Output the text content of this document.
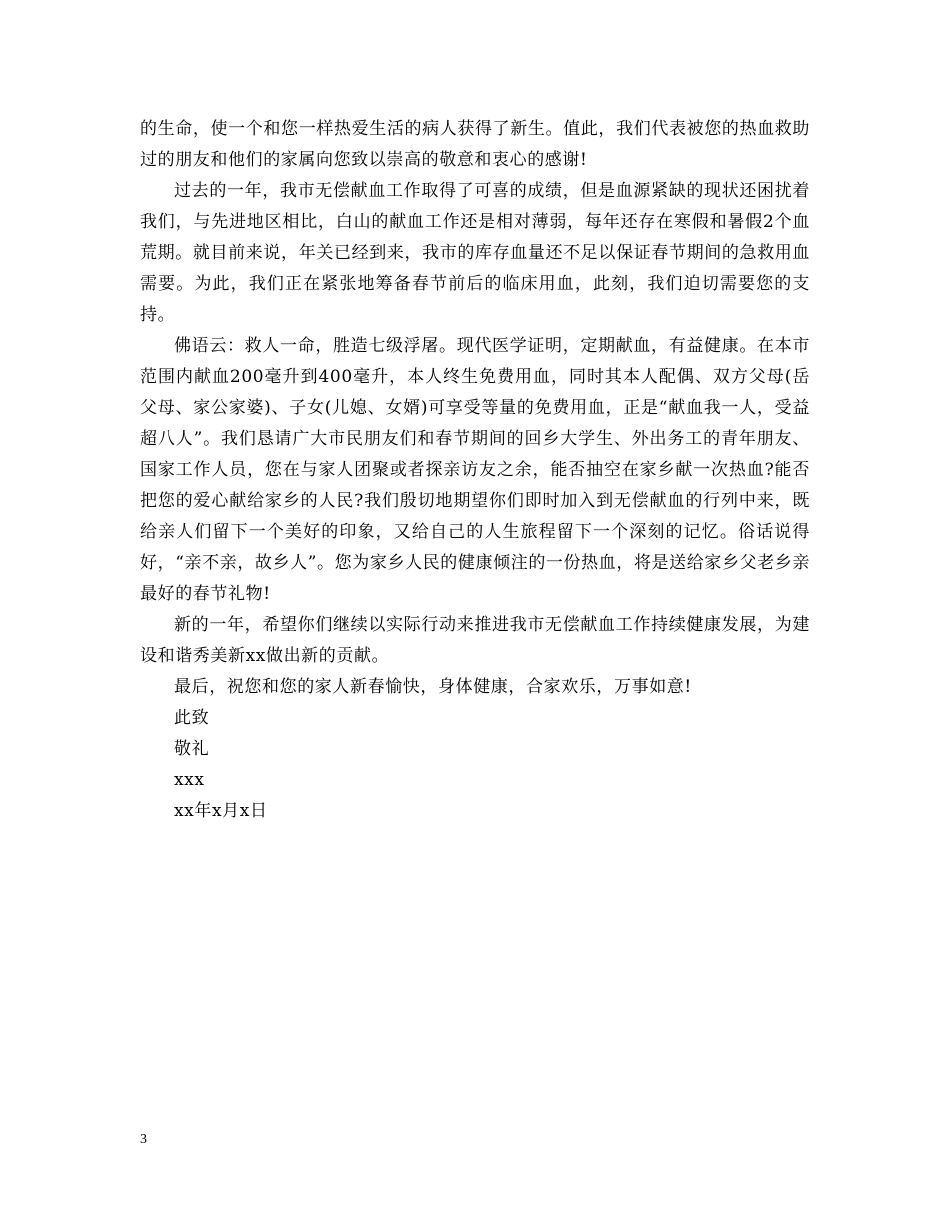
的生命，使一个和您一样热爱生活的病人获得了新生。值此，我们代表被您的热血救助过的朋友和他们的家属向您致以崇高的敬意和衷心的感谢!

过去的一年，我市无偿献血工作取得了可喜的成绩，但是血源紧缺的现状还困扰着我们，与先进地区相比，白山的献血工作还是相对薄弱，每年还存在寒假和暑假2个血荒期。就目前来说，年关已经到来，我市的库存血量还不足以保证春节期间的急救用血需要。为此，我们正在紧张地筹备春节前后的临床用血，此刻，我们迫切需要您的支持。

佛语云：救人一命，胜造七级浮屠。现代医学证明，定期献血，有益健康。在本市范围内献血200毫升到400毫升，本人终生免费用血，同时其本人配偶、双方父母(岳父母、家公家婆)、子女(儿媳、女婿)可享受等量的免费用血，正是“献血我一人，受益超八人”。我们恳请广大市民朋友们和春节期间的回乡大学生、外出务工的青年朋友、国家工作人员，您在与家人团聚或者探亲访友之余，能否抽空在家乡献一次热血?能否把您的爱心献给家乡的人民?我们殷切地期望你们即时加入到无偿献血的行列中来，既给亲人们留下一个美好的印象，又给自己的人生旅程留下一个深刻的记忆。俗话说得好，“亲不亲，故乡人”。您为家乡人民的健康倾注的一份热血，将是送给家乡父老乡亲最好的春节礼物!

新的一年，希望你们继续以实际行动来推进我市无偿献血工作持续健康发展，为建设和谐秀美新xx做出新的贡献。

最后，祝您和您的家人新春愉快，身体健康，合家欢乐，万事如意!

此致

敬礼

xxx

xx年x月x日

3
